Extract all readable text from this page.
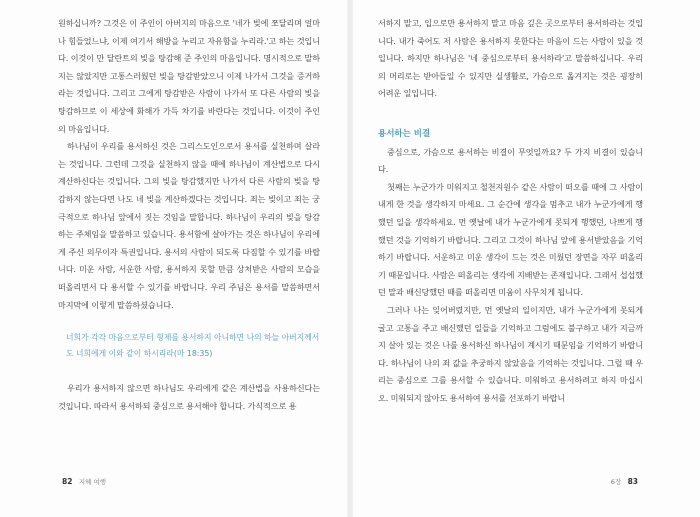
원하십니까? 그것은 이 주인이 아버지의 마음으로 '네가 빚에 쪼달리며 얼마나 힘들었느냐, 이제 여기서 해방을 누리고 자유함을 누리라.'고 하는 것입니다. 이것이 만 달란트의 빚을 탕감해 준 주인의 마음입니다. 명시적으로 말하지는 않았지만 고통스러웠던 빚을 탕감받았으니 이제 나가서 그것을 증거하라는 것입니다. 그리고 그에게 탕감받은 사람이 나가서 또 다른 사람의 빚을 탕감하므로 이 세상에 화해가 가득 차기를 바란다는 것입니다. 이것이 주인의 마음입니다.

하나님이 우리를 용서하신 것은 그리스도인으로서 용서를 실천하며 살라는 것입니다. 그런데 그것을 실천하지 않을 때에 하나님이 계산법으로 다시 계산하신다는 것입니다. 그의 빚을 탕감했지만 나가서 다른 사람의 빚을 탕감하지 않는다면 나도 네 빚을 계산하겠다는 것입니다. 죄는 빚이고 죄는 궁극적으로 하나님 앞에서 짓는 것임을 말합니다. 하나님이 우리의 빚을 탕감하는 주체임을 말씀하고 있습니다. 용서함에 살아가는 것은 하나님이 우리에게 주신 의무이자 특권입니다. 용서의 사람이 되도록 다짐할 수 있기를 바랍니다. 미운 사람, 서운한 사람, 용서하지 못할 만큼 상처받은 사람의 모습을 떠올리면서 다 용서할 수 있기를 바랍니다. 우리 주님은 용서를 말씀하면서 마지막에 이렇게 말씀하셨습니다.

너희가 각각 마음으로부터 형제를 용서하지 아니하면 나의 하늘 아버지께서도 너희에게 이와 같이 하시리라(마 18:35)

우리가 용서하지 않으면 하나님도 우리에게 같은 계산법을 사용하신다는 것입니다. 따라서 용서하되 중심으로 용서해야 합니다. 가식적으로 용

82 지혜 여행

서하지 말고, 입으로만 용서하지 말고 마음 깊은 곳으로부터 용서하라는 것입니다. 내가 죽어도 저 사람은 용서하지 못한다는 마음이 드는 사람이 있을 것입니다. 하지만 하나님은 '네 중심으로부터 용서하라'고 말씀하십니다. 우리의 머리로는 받아들일 수 있지만 실생활로, 가슴으로 옮겨지는 것은 굉장히 어려운 일입니다.

용서하는 비결

중심으로, 가슴으로 용서하는 비결이 무엇일까요? 두 가지 비결이 있습니다.

첫째는 누군가가 미워지고 철천지원수 같은 사람이 떠오를 때에 그 사람이 내게 한 것을 생각하지 마세요. 그 순간에 생각을 멈추고 내가 누군가에게 행했던 일을 생각하세요. 먼 옛날에 내가 누군가에게 못되게 행했던, 나쁘게 행했던 것을 기억하기 바랍니다. 그리고 그것이 하나님 앞에 용서받았음을 기억하기 바랍니다. 서운하고 미운 생각이 드는 것은 미웠던 장면을 자꾸 떠올리기 때문입니다. 사람은 떠올리는 생각에 지배받는 존재입니다. 그래서 섭섭했던 말과 배신당했던 때를 떠올리면 미움이 사무치게 됩니다.

그러나 나는 잊어버렸지만, 먼 옛날의 일이지만, 내가 누군가에게 못되게 굴고 고통을 주고 배신했던 일들을 기억하고 그럼에도 불구하고 내가 지금까지 살아 있는 것은 나를 용서하신 하나님이 계시기 때문임을 기억하기 바랍니다. 하나님이 나의 죄 값을 추궁하지 않았음을 기억하는 것입니다. 그럴 때 우리는 중심으로 그를 용서할 수 있습니다. 미워하고 용서하려고 하지 마십시오. 미워되지 않아도 용서하여 용서를 선포하기 바랍니

6장 83
